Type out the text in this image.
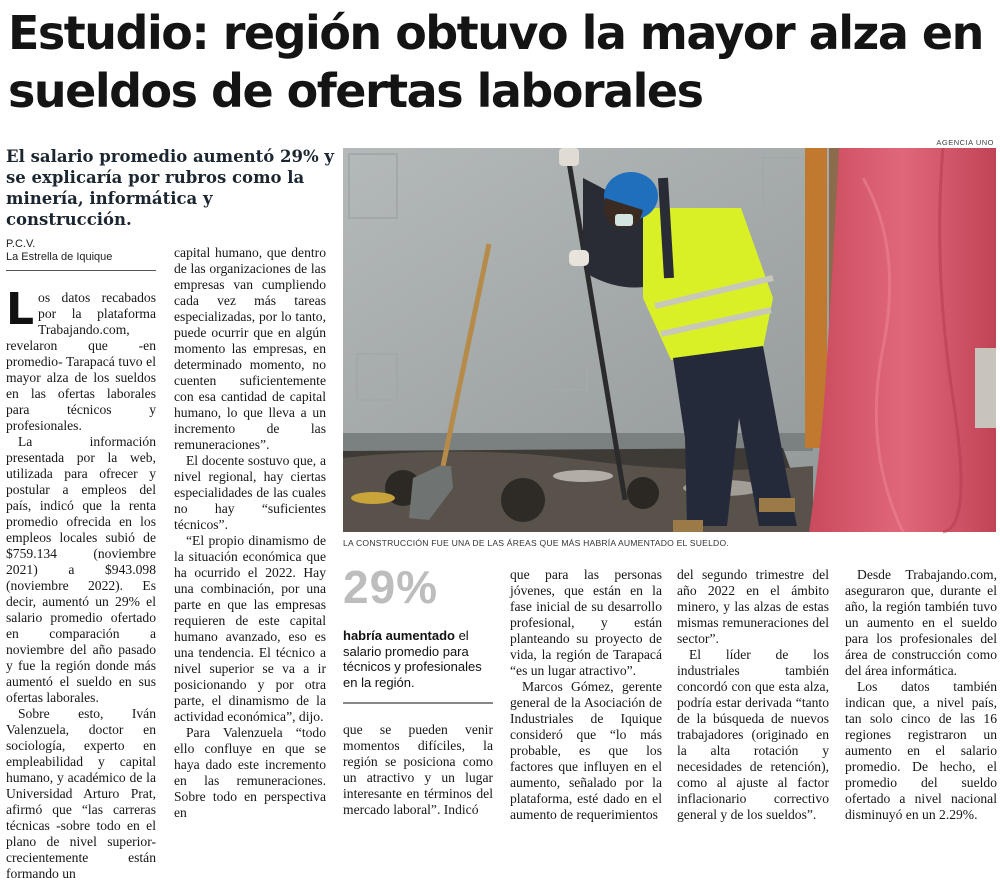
Estudio: región obtuvo la mayor alza en sueldos de ofertas laborales

El salario promedio aumentó 29% y se explicaría por rubros como la minería, informática y construcción.

P.C.V.
La Estrella de Iquique
AGENCIA UNO
LA CONSTRUCCIÓN FUE UNA DE LAS ÁREAS QUE MÁS HABRÍA AUMENTADO EL SUELDO.

Los datos recabados por la plataforma Trabajando.com, revelaron que -en promedio- Tarapacá tuvo el mayor alza de los sueldos en las ofertas laborales para técnicos y profesionales.

La información presentada por la web, utilizada para ofrecer y postular a empleos del país, indicó que la renta promedio ofrecida en los empleos locales subió de $759.134 (noviembre 2021) a $943.098 (noviembre 2022). Es decir, aumentó un 29% el salario promedio ofertado en comparación a noviembre del año pasado y fue la región donde más aumentó el sueldo en sus ofertas laborales.

Sobre esto, Iván Valenzuela, doctor en sociología, experto en empleabilidad y capital humano, y académico de la Universidad Arturo Prat, afirmó que “las carreras técnicas -sobre todo en el plano de nivel superior- crecientemente están formando un

capital humano, que dentro de las organizaciones de las empresas van cumpliendo cada vez más tareas especializadas, por lo tanto, puede ocurrir que en algún momento las empresas, en determinado momento, no cuenten suficientemente con esa cantidad de capital humano, lo que lleva a un incremento de las remuneraciones”.

El docente sostuvo que, a nivel regional, hay ciertas especialidades de las cuales no hay “suficientes técnicos”.

“El propio dinamismo de la situación económica que ha ocurrido el 2022. Hay una combinación, por una parte en que las empresas requieren de este capital humano avanzado, eso es una tendencia. El técnico a nivel superior se va a ir posicionando y por otra parte, el dinamismo de la actividad económica”, dijo.

Para Valenzuela “todo ello confluye en que se haya dado este incremento en las remuneraciones. Sobre todo en perspectiva en

29%
habría aumentado el salario promedio para técnicos y profesionales en la región.

que se pueden venir momentos difíciles, la región se posiciona como un atractivo y un lugar interesante en términos del mercado laboral”. Indicó

que para las personas jóvenes, que están en la fase inicial de su desarrollo profesional, y están planteando su proyecto de vida, la región de Tarapacá “es un lugar atractivo”.

Marcos Gómez, gerente general de la Asociación de Industriales de Iquique consideró que “lo más probable, es que los factores que influyen en el aumento, señalado por la plataforma, esté dado en el aumento de requerimientos

del segundo trimestre del año 2022 en el ámbito minero, y las alzas de estas mismas remuneraciones del sector”.

El líder de los industriales también concordó con que esta alza, podría estar derivada “tanto de la búsqueda de nuevos trabajadores (originado en la alta rotación y necesidades de retención), como al ajuste al factor inflacionario correctivo general y de los sueldos”.

Desde Trabajando.com, aseguraron que, durante el año, la región también tuvo un aumento en el sueldo para los profesionales del área de construcción como del área informática.

Los datos también indican que, a nivel país, tan solo cinco de las 16 regiones registraron un aumento en el salario promedio. De hecho, el promedio del sueldo ofertado a nivel nacional disminuyó en un 2.29%.
